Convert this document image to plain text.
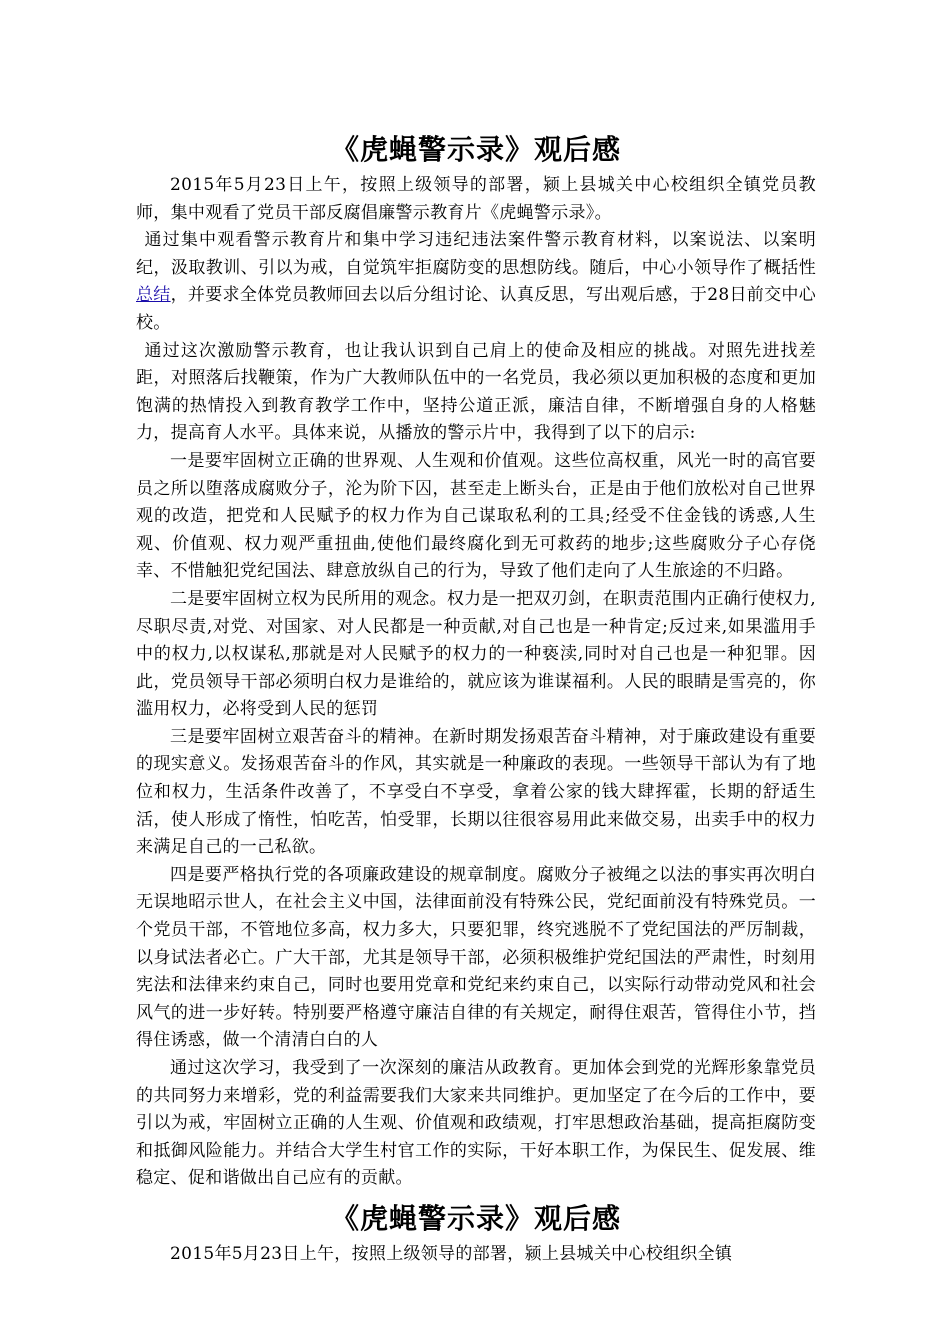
《虎蝇警示录》观后感

2015年5月23日上午，按照上级领导的部署，颍上县城关中心校组织全镇党员教师，集中观看了党员干部反腐倡廉警示教育片《虎蝇警示录》。

通过集中观看警示教育片和集中学习违纪违法案件警示教育材料，以案说法、以案明纪，汲取教训、引以为戒，自觉筑牢拒腐防变的思想防线。随后，中心小领导作了概括性总结，并要求全体党员教师回去以后分组讨论、认真反思，写出观后感，于28日前交中心校。

通过这次激励警示教育，也让我认识到自己肩上的使命及相应的挑战。对照先进找差距，对照落后找鞭策，作为广大教师队伍中的一名党员，我必须以更加积极的态度和更加饱满的热情投入到教育教学工作中，坚持公道正派，廉洁自律，不断增强自身的人格魅力，提高育人水平。具体来说，从播放的警示片中，我得到了以下的启示:

一是要牢固树立正确的世界观、人生观和价值观。这些位高权重，风光一时的高官要员之所以堕落成腐败分子，沦为阶下囚，甚至走上断头台，正是由于他们放松对自己世界观的改造，把党和人民赋予的权力作为自己谋取私利的工具;经受不住金钱的诱惑,人生观、价值观、权力观严重扭曲,使他们最终腐化到无可救药的地步;这些腐败分子心存侥幸、不惜触犯党纪国法、肆意放纵自己的行为，导致了他们走向了人生旅途的不归路。

二是要牢固树立权为民所用的观念。权力是一把双刃剑，在职责范围内正确行使权力,尽职尽责,对党、对国家、对人民都是一种贡献,对自己也是一种肯定;反过来,如果滥用手中的权力,以权谋私,那就是对人民赋予的权力的一种亵渎,同时对自己也是一种犯罪。因此，党员领导干部必须明白权力是谁给的，就应该为谁谋福利。人民的眼睛是雪亮的，你滥用权力，必将受到人民的惩罚

三是要牢固树立艰苦奋斗的精神。在新时期发扬艰苦奋斗精神，对于廉政建设有重要的现实意义。发扬艰苦奋斗的作风，其实就是一种廉政的表现。一些领导干部认为有了地位和权力，生活条件改善了，不享受白不享受，拿着公家的钱大肆挥霍，长期的舒适生活，使人形成了惰性，怕吃苦，怕受罪，长期以往很容易用此来做交易，出卖手中的权力来满足自己的一己私欲。

四是要严格执行党的各项廉政建设的规章制度。腐败分子被绳之以法的事实再次明白无误地昭示世人，在社会主义中国，法律面前没有特殊公民，党纪面前没有特殊党员。一个党员干部，不管地位多高，权力多大，只要犯罪，终究逃脱不了党纪国法的严厉制裁，以身试法者必亡。广大干部，尤其是领导干部，必须积极维护党纪国法的严肃性，时刻用宪法和法律来约束自己，同时也要用党章和党纪来约束自己，以实际行动带动党风和社会风气的进一步好转。特别要严格遵守廉洁自律的有关规定，耐得住艰苦，管得住小节，挡得住诱惑，做一个清清白白的人

通过这次学习，我受到了一次深刻的廉洁从政教育。更加体会到党的光辉形象靠党员的共同努力来增彩，党的利益需要我们大家来共同维护。更加坚定了在今后的工作中，要引以为戒，牢固树立正确的人生观、价值观和政绩观，打牢思想政治基础，提高拒腐防变和抵御风险能力。并结合大学生村官工作的实际，干好本职工作，为保民生、促发展、维稳定、促和谐做出自己应有的贡献。

《虎蝇警示录》观后感

2015年5月23日上午，按照上级领导的部署，颍上县城关中心校组织全镇
